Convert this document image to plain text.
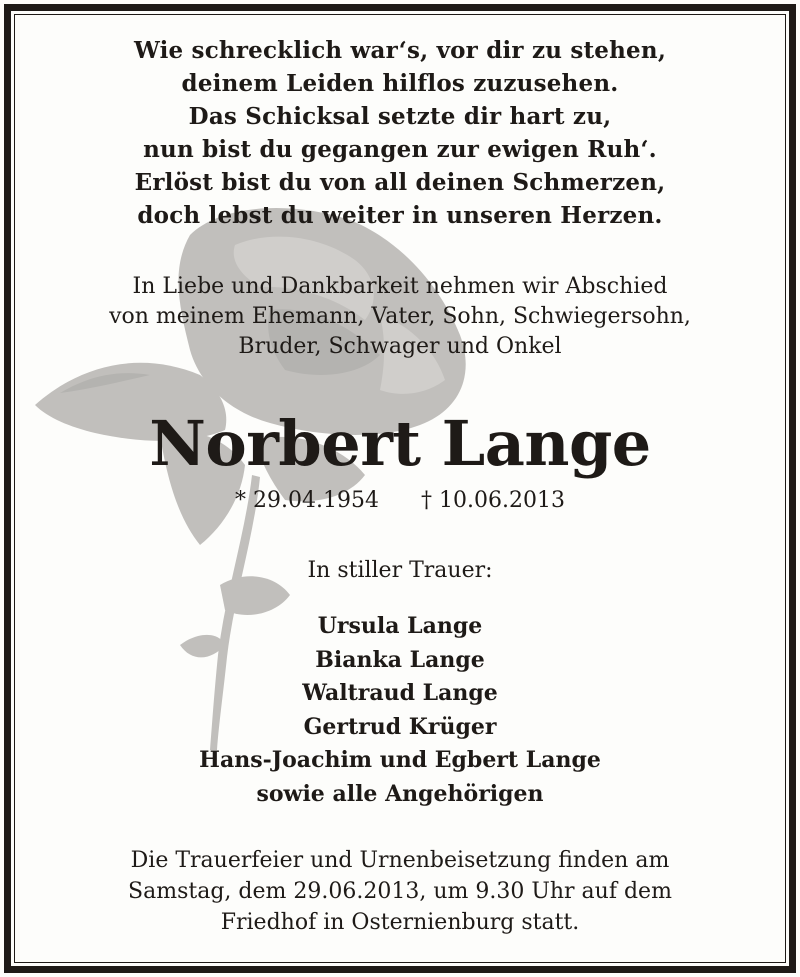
Wie schrecklich war‘s, vor dir zu stehen,
deinem Leiden hilflos zuzusehen.
Das Schicksal setzte dir hart zu,
nun bist du gegangen zur ewigen Ruh‘.
Erlöst bist du von all deinen Schmerzen,
doch lebst du weiter in unseren Herzen.
In Liebe und Dankbarkeit nehmen wir Abschied
von meinem Ehemann, Vater, Sohn, Schwiegersohn,
Bruder, Schwager und Onkel
Norbert Lange
* 29.04.1954 † 10.06.2013
In stiller Trauer:
Ursula Lange
Bianka Lange
Waltraud Lange
Gertrud Krüger
Hans-Joachim und Egbert Lange
sowie alle Angehörigen
Die Trauerfeier und Urnenbeisetzung finden am
Samstag, dem 29.06.2013, um 9.30 Uhr auf dem
Friedhof in Osternienburg statt.
